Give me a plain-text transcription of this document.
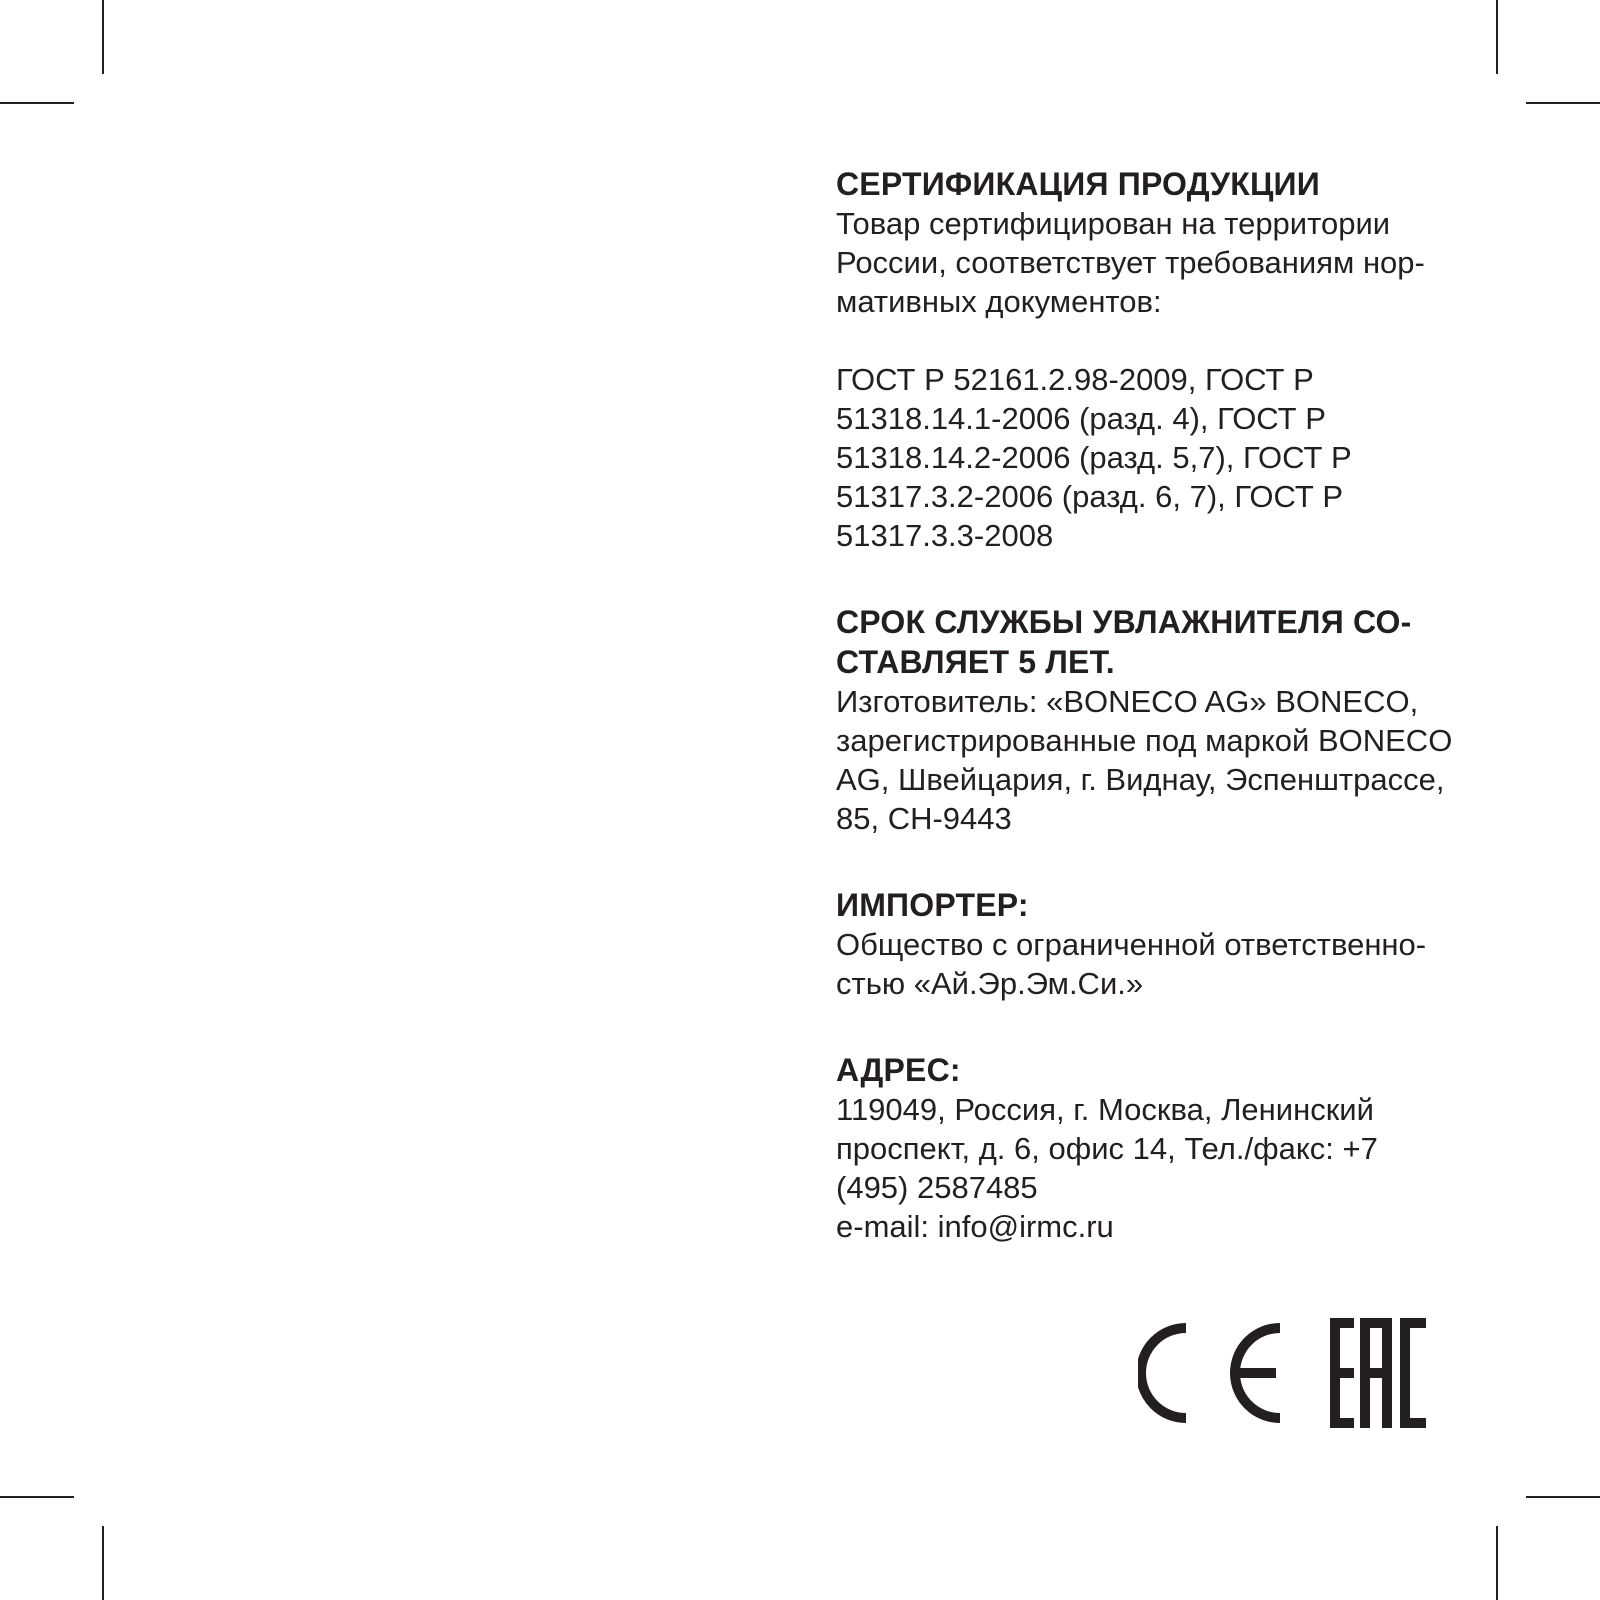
СЕРТИФИКАЦИЯ ПРОДУКЦИИ

Товар сертифицирован на территории
России, соответствует требованиям нор-
мативных документов:

ГОСТ Р 52161.2.98-2009, ГОСТ Р
51318.14.1-2006 (разд. 4), ГОСТ Р
51318.14.2-2006 (разд. 5,7), ГОСТ Р
51317.3.2-2006 (разд. 6, 7), ГОСТ Р
51317.3.3-2008

СРОК СЛУЖБЫ УВЛАЖНИТЕЛЯ СО-
СТАВЛЯЕТ 5 ЛЕТ.

Изготовитель: «BONECO AG» BONECO,
зарегистрированные под маркой BONECO
AG, Швейцария, г. Виднау, Эспенштрассе,
85, CH-9443

ИМПОРТЕР:

Общество с ограниченной ответственно-
стью «Ай.Эр.Эм.Си.»

АДРЕС:

119049, Россия, г. Москва, Ленинский
проспект, д. 6, офис 14, Тел./факс: +7
(495) 2587485
e-mail: info@irmc.ru
